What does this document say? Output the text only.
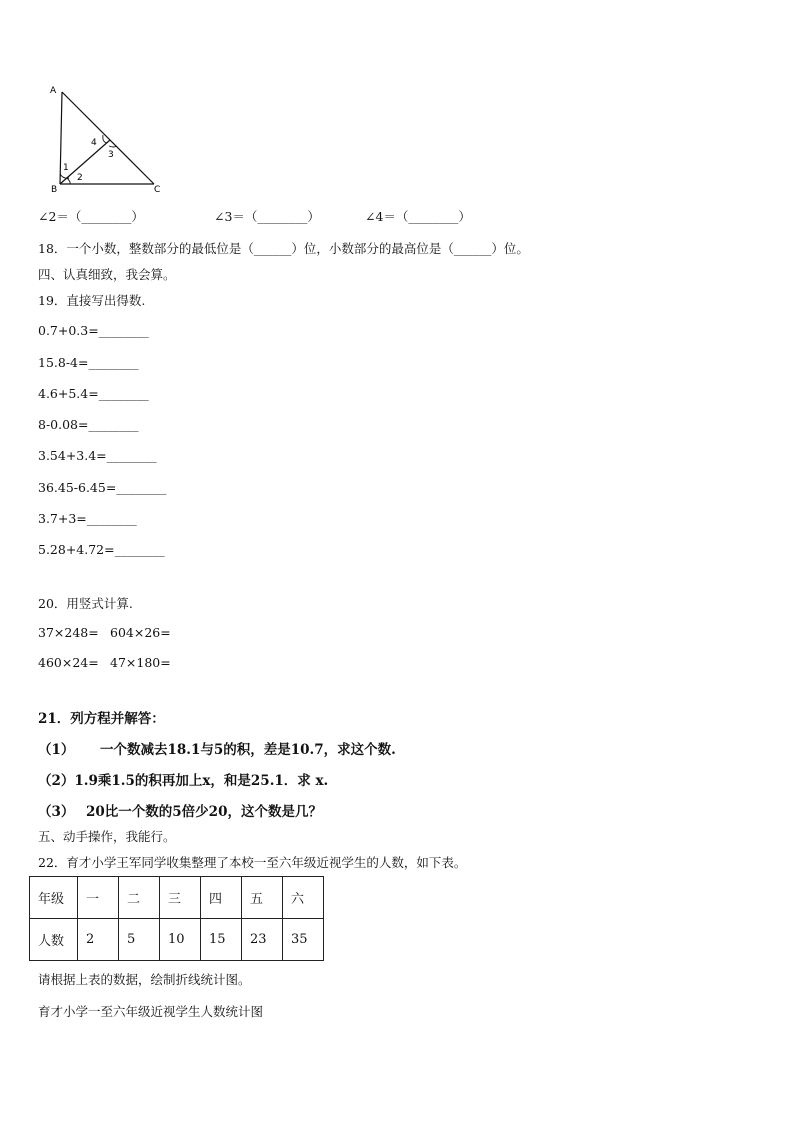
A
B	C
1
2
3
4
∠2＝（________）	∠3＝（________）	∠4＝（________）
18．一个小数，整数部分的最低位是（______）位，小数部分的最高位是（______）位。
四、认真细致，我会算。
19．直接写出得数.
0.7+0.3=________
15.8-4=________
4.6+5.4=________
8-0.08=________
3.54+3.4=________
36.45-6.45=________
3.7+3=________
5.28+4.72=________
20．用竖式计算.
37×248= 604×26=
460×24= 47×180=
21．列方程并解答：
（1） 一个数减去18.1与5的积，差是10.7，求这个数.
（2）1.9乘1.5的积再加上x，和是25.1．求 x.
（3） 20比一个数的5倍少20，这个数是几？
五、动手操作，我能行。
22．育才小学王军同学收集整理了本校一至六年级近视学生的人数，如下表。
年级	一	二	三	四	五	六
人数	2	5	10	15	23	35
请根据上表的数据，绘制折线统计图。
育才小学一至六年级近视学生人数统计图
